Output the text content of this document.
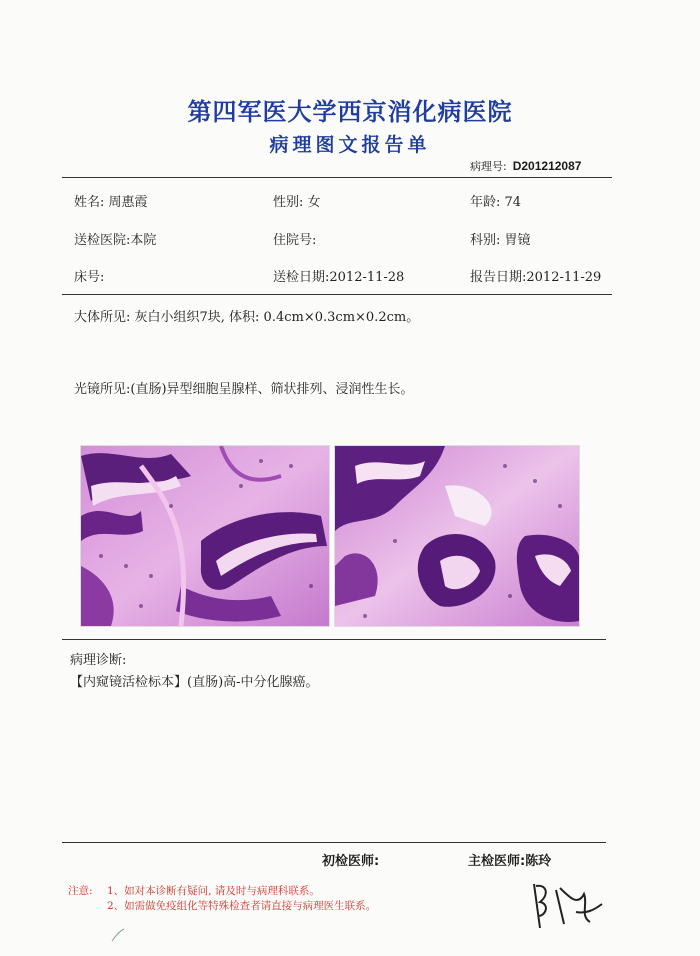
第四军医大学西京消化病医院
病理图文报告单
病理号: D201212087
姓名: 周惠霞	性别: 女	年龄: 74
送检医院:本院	住院号:	科别: 胃镜
床号:	送检日期:2012-11-28	报告日期:2012-11-29
大体所见: 灰白小组织7块, 体积: 0.4cm×0.3cm×0.2cm。
光镜所见:(直肠)异型细胞呈腺样、筛状排列、浸润性生长。
病理诊断:
【内窥镜活检标本】(直肠)高-中分化腺癌。
初检医师:	主检医师:陈玲
注意: 1、如对本诊断有疑问, 请及时与病理科联系。
2、如需做免疫组化等特殊检查者请直接与病理医生联系。
